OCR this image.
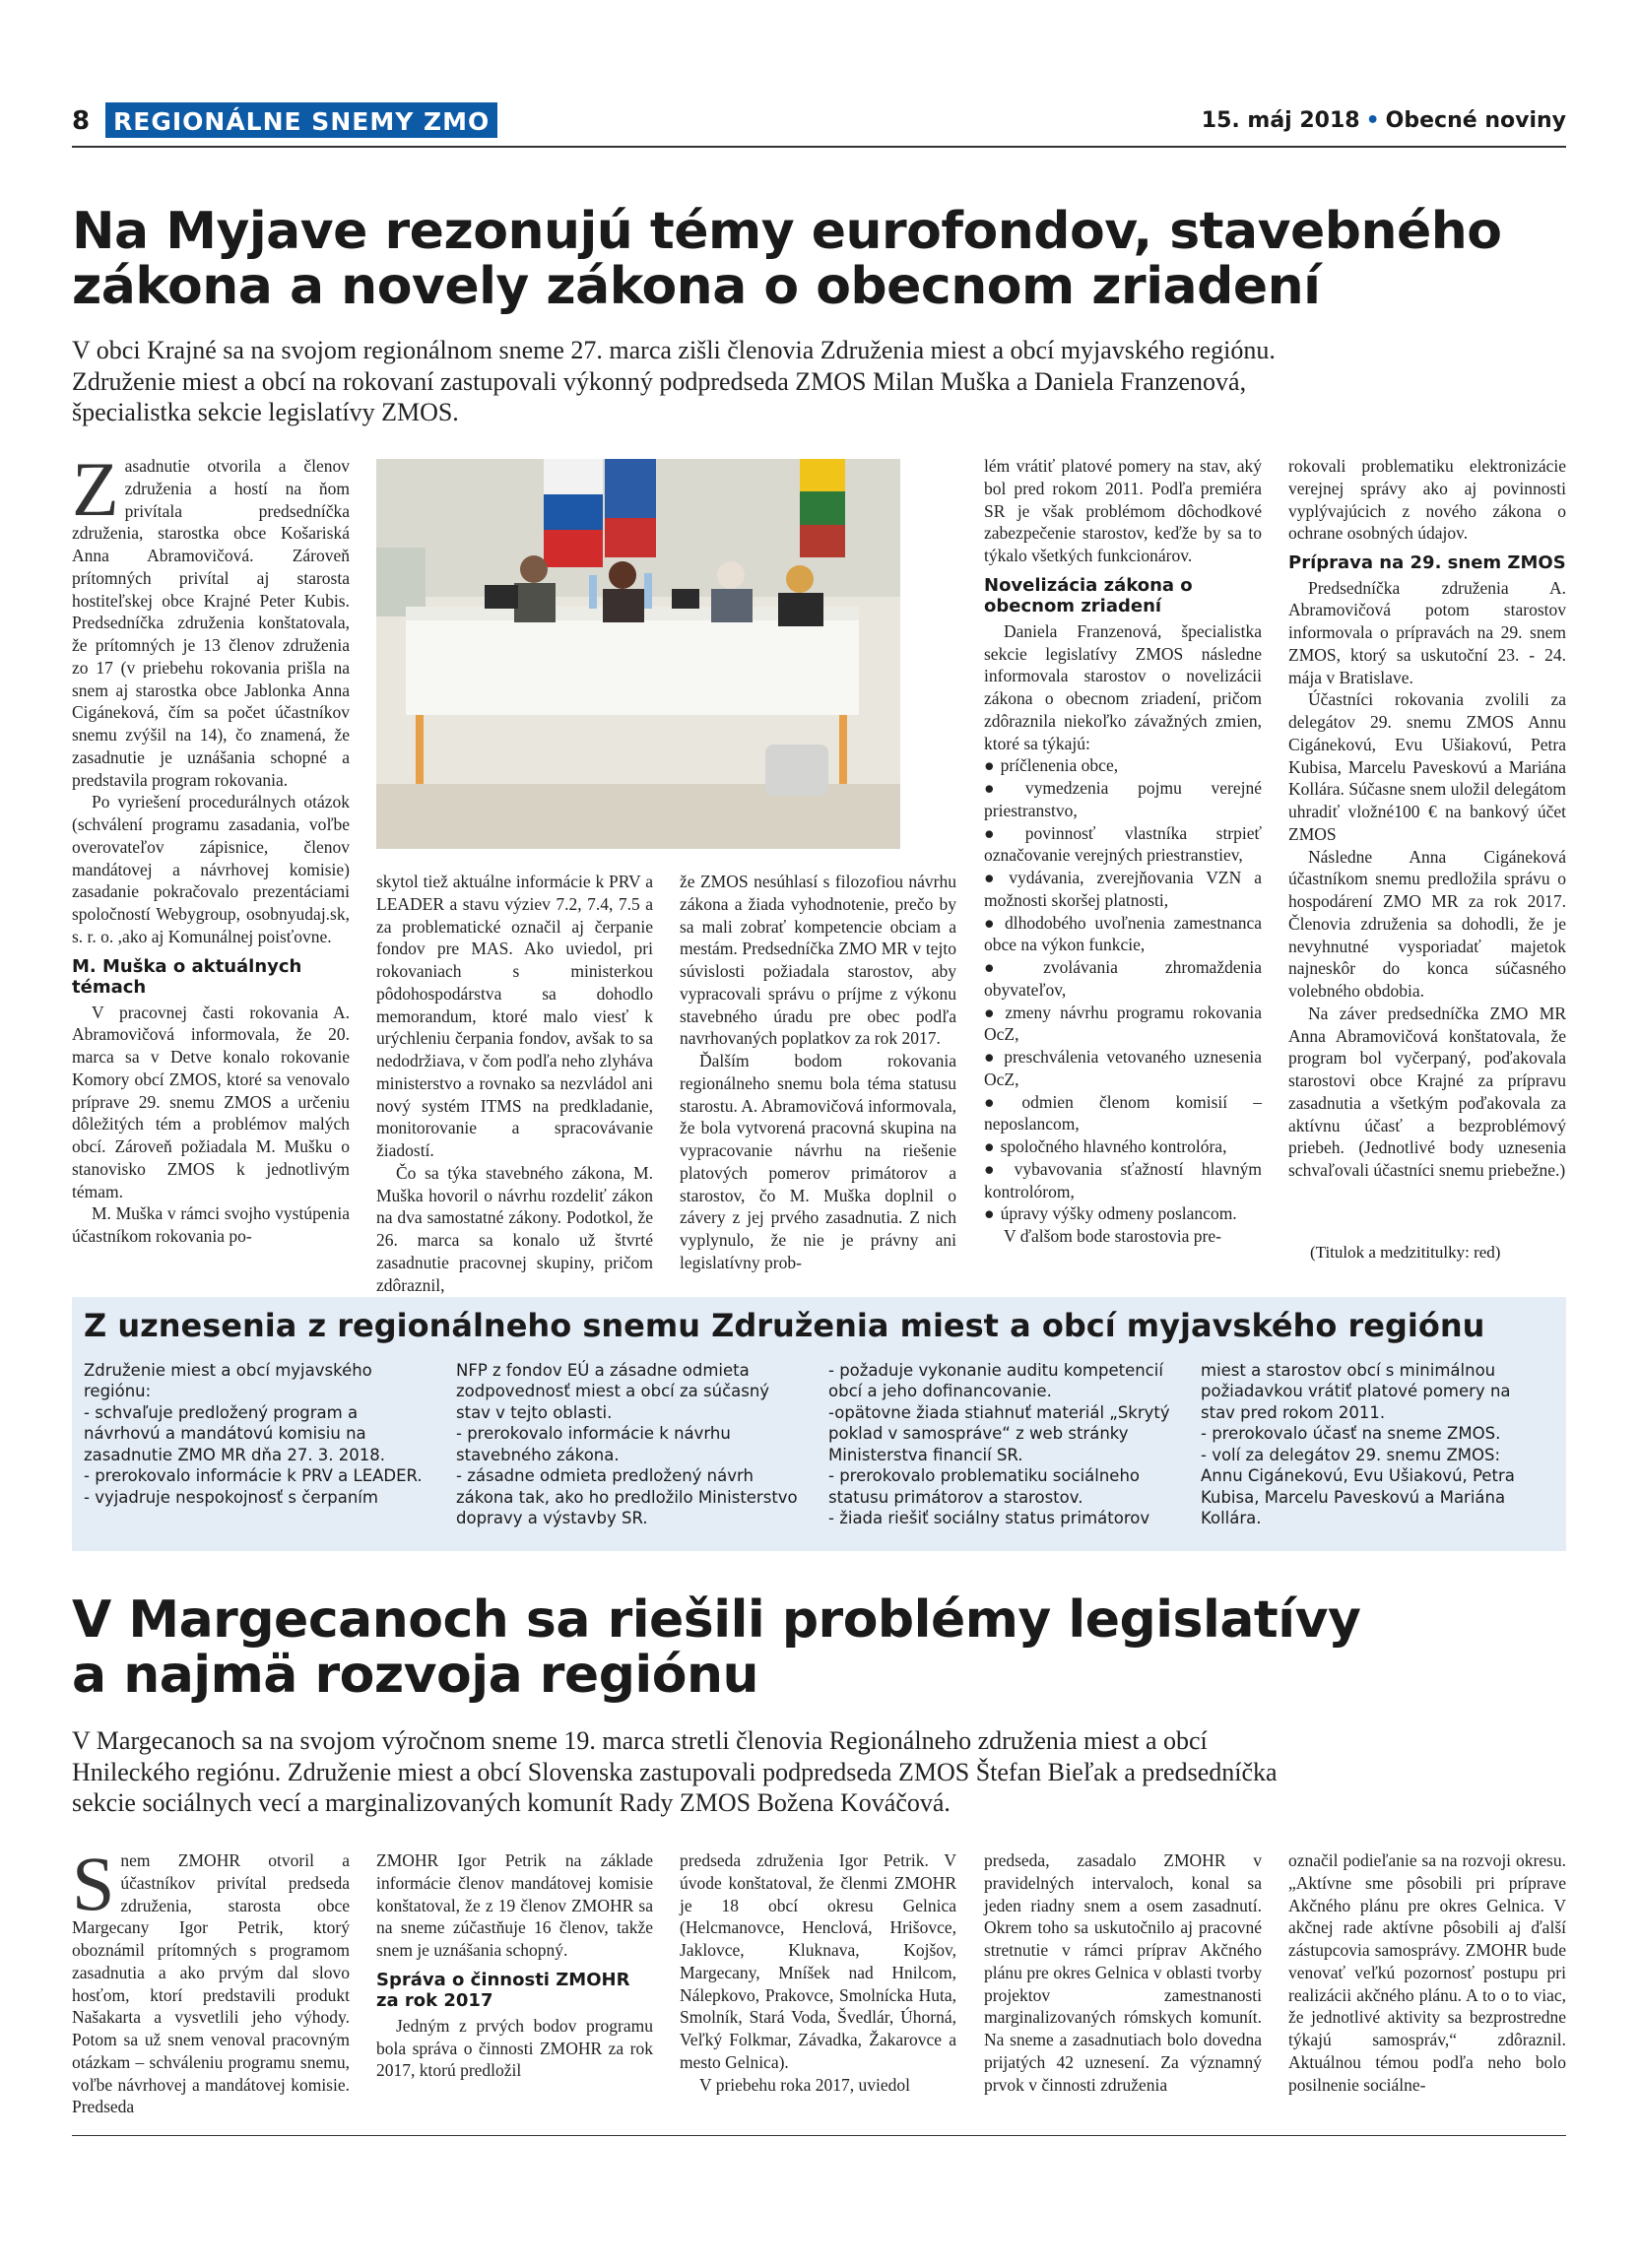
8 REGIONÁLNE SNEMY ZMO	15. máj 2018 • Obecné noviny
Na Myjave rezonujú témy eurofondov, stavebného
zákona a novely zákona o obecnom zriadení
V obci Krajné sa na svojom regionálnom sneme 27. marca zišli členovia Združenia miest a obcí myjavského regiónu.
Združenie miest a obcí na rokovaní zastupovali výkonný podpredseda ZMOS Milan Muška a Daniela Franzenová,
špecialistka sekcie legislatívy ZMOS.

Zasadnutie otvorila a členov združenia a hostí na ňom privítala predsedníčka združenia, starostka obce Košariská Anna Abramovičová. Zároveň prítomných privítal aj starosta hostiteľskej obce Krajné Peter Kubis. Predsedníčka združenia konštatovala, že prítomných je 13 členov združenia zo 17 (v priebehu rokovania prišla na snem aj starostka obce Jablonka Anna Cigáneková, čím sa počet účastníkov snemu zvýšil na 14), čo znamená, že zasadnutie je uznášania schopné a predstavila program rokovania.

Po vyriešení procedurálnych otázok (schválení programu zasadania, voľbe overovateľov zápisnice, členov mandátovej a návrhovej komisie) zasadanie pokračovalo prezentáciami spoločností Webygroup, osobnyudaj.sk, s. r. o. ,ako aj Komunálnej poisťovne.

M. Muška o aktuálnych témach

V pracovnej časti rokovania A. Abramovičová informovala, že 20. marca sa v Detve konalo rokovanie Komory obcí ZMOS, ktoré sa venovalo príprave 29. snemu ZMOS a určeniu dôležitých tém a problémov malých obcí. Zároveň požiadala M. Mušku o stanovisko ZMOS k jednotlivým témam.

M. Muška v rámci svojho vystúpenia účastníkom rokovania po-

skytol tiež aktuálne informácie k PRV a LEADER a stavu výziev 7.2, 7.4, 7.5 a za problematické označil aj čerpanie fondov pre MAS. Ako uviedol, pri rokovaniach s ministerkou pôdohospodárstva sa dohodlo memorandum, ktoré malo viesť k urýchleniu čerpania fondov, avšak to sa nedodržiava, v čom podľa neho zlyháva ministerstvo a rovnako sa nezvládol ani nový systém ITMS na predkladanie, monitorovanie a spracovávanie žiadostí.

Čo sa týka stavebného zákona, M. Muška hovoril o návrhu rozdeliť zákon na dva samostatné zákony. Podotkol, že 26. marca sa konalo už štvrté zasadnutie pracovnej skupiny, pričom zdôraznil,

že ZMOS nesúhlasí s filozofiou návrhu zákona a žiada vyhodnotenie, prečo by sa mali zobrať kompetencie obciam a mestám. Predsedníčka ZMO MR v tejto súvislosti požiadala starostov, aby vypracovali správu o príjme z výkonu stavebného úradu pre obec podľa navrhovaných poplatkov za rok 2017.

Ďalším bodom rokovania regionálneho snemu bola téma statusu starostu. A. Abramovičová informovala, že bola vytvorená pracovná skupina na vypracovanie návrhu na riešenie platových pomerov primátorov a starostov, čo M. Muška doplnil o závery z jej prvého zasadnutia. Z nich vyplynulo, že nie je právny ani legislatívny prob-

lém vrátiť platové pomery na stav, aký bol pred rokom 2011. Podľa premiéra SR je však problémom dôchodkové zabezpečenie starostov, keďže by sa to týkalo všetkých funkcionárov.

Novelizácia zákona o obecnom zriadení

Daniela Franzenová, špecialistka sekcie legislatívy ZMOS následne informovala starostov o novelizácii zákona o obecnom zriadení, pričom zdôraznila niekoľko závažných zmien, ktoré sa týkajú:

● príčlenenia obce,

● vymedzenia pojmu verejné priestranstvo,

● povinnosť vlastníka strpieť označovanie verejných priestranstiev,

● vydávania, zverejňovania VZN a možnosti skoršej platnosti,

● dlhodobého uvoľnenia zamestnanca obce na výkon funkcie,

● zvolávania zhromaždenia obyvateľov,

● zmeny návrhu programu rokovania OcZ,

● preschválenia vetovaného uznesenia OcZ,

● odmien členom komisií – neposlancom,

● spoločného hlavného kontrolóra,

● vybavovania sťažností hlavným kontrolórom,

● úpravy výšky odmeny poslancom.

V ďalšom bode starostovia pre-

rokovali problematiku elektronizácie verejnej správy ako aj povinnosti vyplývajúcich z nového zákona o ochrane osobných údajov.

Príprava na 29. snem ZMOS

Predsedníčka združenia A. Abramovičová potom starostov informovala o prípravách na 29. snem ZMOS, ktorý sa uskutoční 23. - 24. mája v Bratislave.

Účastníci rokovania zvolili za delegátov 29. snemu ZMOS Annu Cigánekovú, Evu Ušiakovú, Petra Kubisa, Marcelu Paveskovú a Mariána Kollára. Súčasne snem uložil delegátom uhradiť vložné100 € na bankový účet ZMOS

Následne Anna Cigáneková účastníkom snemu predložila správu o hospodárení ZMO MR za rok 2017. Členovia združenia sa dohodli, že je nevyhnutné vysporiadať majetok najneskôr do konca súčasného volebného obdobia.

Na záver predsedníčka ZMO MR Anna Abramovičová konštatovala, že program bol vyčerpaný, poďakovala starostovi obce Krajné za prípravu zasadnutia a všetkým poďakovala za aktívnu účasť a bezproblémový priebeh. (Jednotlivé body uznesenia schvaľovali účastníci snemu priebežne.)

(Titulok a medzititulky: red)
Z uznesenia z regionálneho snemu Združenia miest a obcí myjavského regiónu
Združenie miest a obcí myjavského regiónu:
- schvaľuje predložený program a návrhovú a mandátovú komisiu na zasadnutie ZMO MR dňa 27. 3. 2018.
- prerokovalo informácie k PRV a LEADER.
- vyjadruje nespokojnosť s čerpaním
NFP z fondov EÚ a zásadne odmieta zodpovednosť miest a obcí za súčasný stav v tejto oblasti.
- prerokovalo informácie k návrhu stavebného zákona.
- zásadne odmieta predložený návrh zákona tak, ako ho predložilo Ministerstvo dopravy a výstavby SR.
- požaduje vykonanie auditu kompetencií obcí a jeho dofinancovanie.
-opätovne žiada stiahnuť materiál „Skrytý poklad v samospráve“ z web stránky Ministerstva financií SR.
- prerokovalo problematiku sociálneho statusu primátorov a starostov.
- žiada riešiť sociálny status primátorov
miest a starostov obcí s minimálnou požiadavkou vrátiť platové pomery na stav pred rokom 2011.
- prerokovalo účasť na sneme ZMOS.
- volí za delegátov 29. snemu ZMOS: Annu Cigánekovú, Evu Ušiakovú, Petra Kubisa, Marcelu Paveskovú a Mariána Kollára.
V Margecanoch sa riešili problémy legislatívy
a najmä rozvoja regiónu
V Margecanoch sa na svojom výročnom sneme 19. marca stretli členovia Regionálneho združenia miest a obcí
Hnileckého regiónu. Združenie miest a obcí Slovenska zastupovali podpredseda ZMOS Štefan Bieľak a predsedníčka
sekcie sociálnych vecí a marginalizovaných komunít Rady ZMOS Božena Kováčová.

Snem ZMOHR otvoril a účastníkov privítal predseda združenia, starosta obce Margecany Igor Petrik, ktorý oboznámil prítomných s programom zasadnutia a ako prvým dal slovo hosťom, ktorí predstavili produkt Našakarta a vysvetlili jeho výhody. Potom sa už snem venoval pracovným otázkam – schváleniu programu snemu, voľbe návrhovej a mandátovej komisie. Predseda

ZMOHR Igor Petrik na základe informácie členov mandátovej komisie konštatoval, že z 19 členov ZMOHR sa na sneme zúčastňuje 16 členov, takže snem je uznášania schopný.

Správa o činnosti ZMOHR za rok 2017

Jedným z prvých bodov programu bola správa o činnosti ZMOHR za rok 2017, ktorú predložil

predseda združenia Igor Petrik. V úvode konštatoval, že členmi ZMOHR je 18 obcí okresu Gelnica (Helcmanovce, Henclová, Hrišovce, Jaklovce, Kluknava, Kojšov, Margecany, Mníšek nad Hnilcom, Nálepkovo, Prakovce, Smolnícka Huta, Smolník, Stará Voda, Švedlár, Úhorná, Veľký Folkmar, Závadka, Žakarovce a mesto Gelnica).

V priebehu roka 2017, uviedol

predseda, zasadalo ZMOHR v pravidelných intervaloch, konal sa jeden riadny snem a osem zasadnutí. Okrem toho sa uskutočnilo aj pracovné stretnutie v rámci príprav Akčného plánu pre okres Gelnica v oblasti tvorby projektov zamestnanosti marginalizovaných rómskych komunít. Na sneme a zasadnutiach bolo dovedna prijatých 42 uznesení. Za významný prvok v činnosti združenia

označil podieľanie sa na rozvoji okresu. „Aktívne sme pôsobili pri príprave Akčného plánu pre okres Gelnica. V akčnej rade aktívne pôsobili aj ďalší zástupcovia samosprávy. ZMOHR bude venovať veľkú pozornosť postupu pri realizácii akčného plánu. A to o to viac, že jednotlivé aktivity sa bezprostredne týkajú samospráv,“ zdôraznil. Aktuálnou témou podľa neho bolo posilnenie sociálne-
